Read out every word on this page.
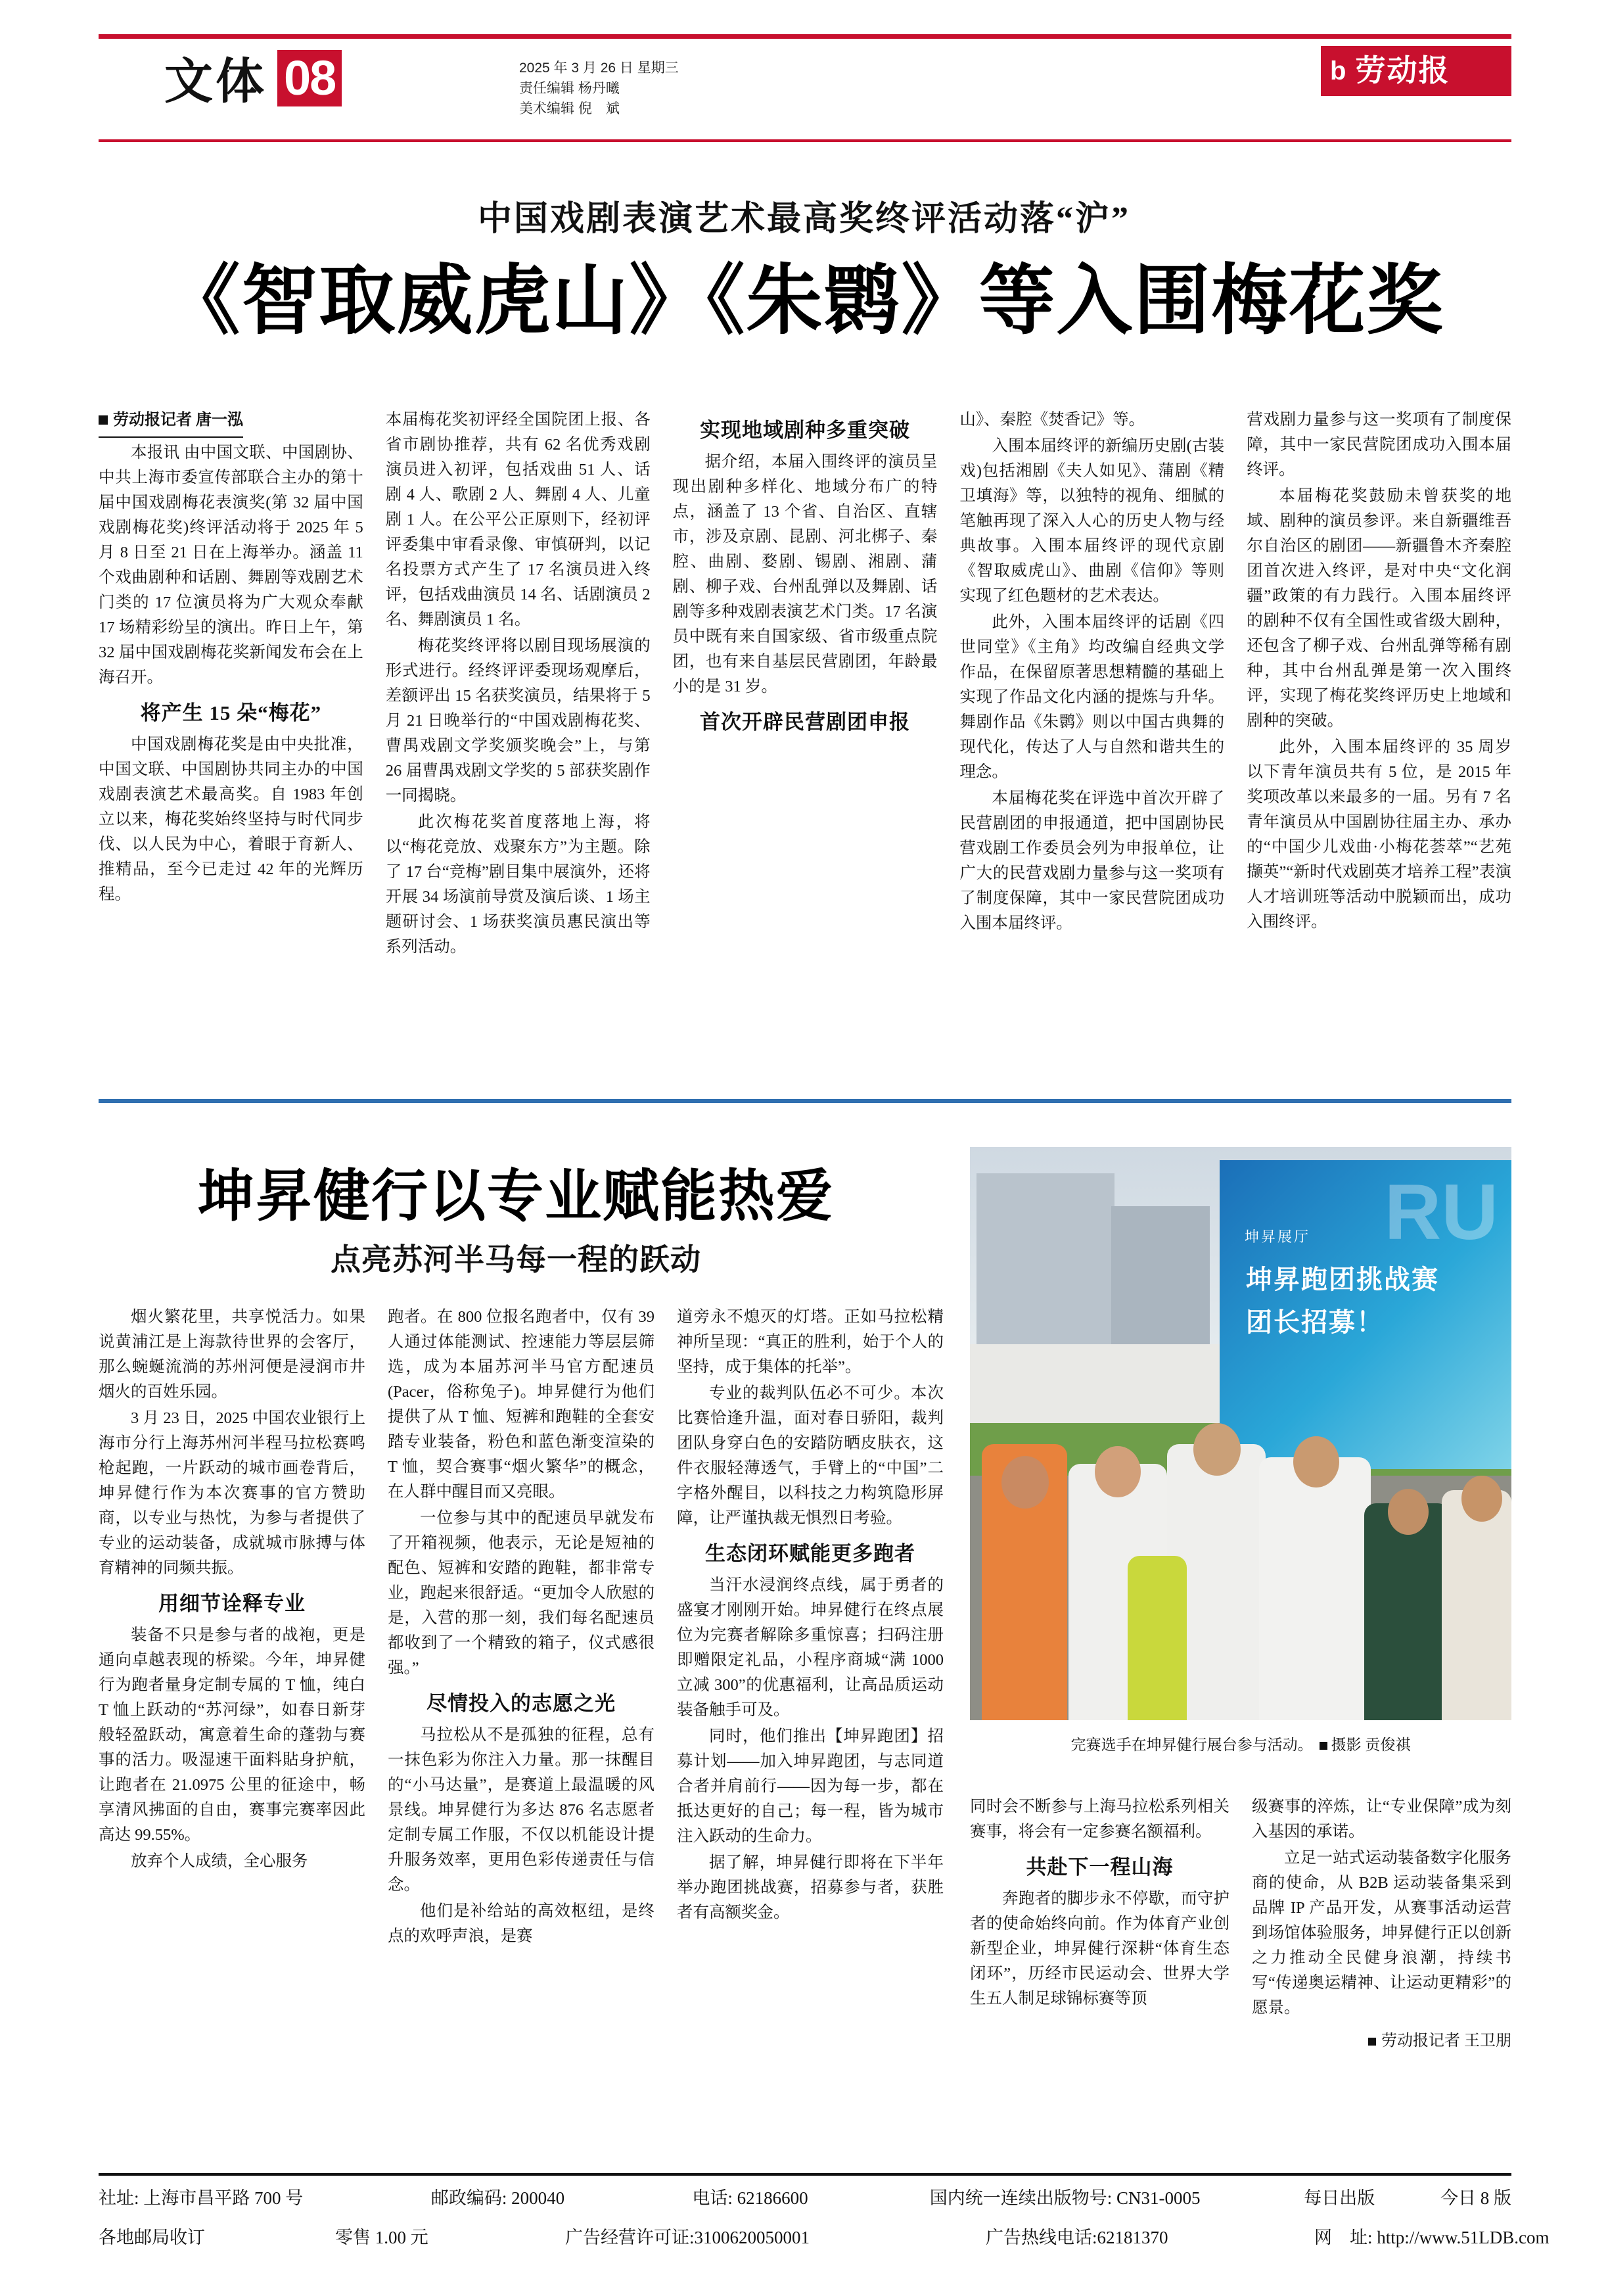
文体 08	2025 年 3 月 26 日 星期三
责任编辑 杨丹曦
美术编辑 倪　斌
b 劳动报
中国戏剧表演艺术最高奖终评活动落“沪”
《智取威虎山》《朱鹮》等入围梅花奖
劳动报记者 唐一泓

本报讯 由中国文联、中国剧协、中共上海市委宣传部联合主办的第十届中国戏剧梅花表演奖(第 32 届中国戏剧梅花奖)终评活动将于 2025 年 5 月 8 日至 21 日在上海举办。涵盖 11 个戏曲剧种和话剧、舞剧等戏剧艺术门类的 17 位演员将为广大观众奉献 17 场精彩纷呈的演出。昨日上午，第 32 届中国戏剧梅花奖新闻发布会在上海召开。

将产生 15 朵“梅花”

中国戏剧梅花奖是由中央批准，中国文联、中国剧协共同主办的中国戏剧表演艺术最高奖。自 1983 年创立以来，梅花奖始终坚持与时代同步伐、以人民为中心，着眼于育新人、推精品，至今已走过 42 年的光辉历程。

本届梅花奖初评经全国院团上报、各省市剧协推荐，共有 62 名优秀戏剧演员进入初评，包括戏曲 51 人、话剧 4 人、歌剧 2 人、舞剧 4 人、儿童剧 1 人。在公平公正原则下，经初评评委集中审看录像、审慎研判，以记名投票方式产生了 17 名演员进入终评，包括戏曲演员 14 名、话剧演员 2 名、舞剧演员 1 名。

梅花奖终评将以剧目现场展演的形式进行。经终评评委现场观摩后，差额评出 15 名获奖演员，结果将于 5 月 21 日晚举行的“中国戏剧梅花奖、曹禺戏剧文学奖颁奖晚会”上，与第 26 届曹禺戏剧文学奖的 5 部获奖剧作一同揭晓。

此次梅花奖首度落地上海，将以“梅花竞放、戏聚东方”为主题。除了 17 台“竞梅”剧目集中展演外，还将开展 34 场演前导赏及演后谈、1 场主题研讨会、1 场获奖演员惠民演出等系列活动。

实现地域剧种多重突破

据介绍，本届入围终评的演员呈现出剧种多样化、地域分布广的特点，涵盖了 13 个省、自治区、直辖市，涉及京剧、昆剧、河北梆子、秦腔、曲剧、婺剧、锡剧、湘剧、蒲剧、柳子戏、台州乱弹以及舞剧、话剧等多种戏剧表演艺术门类。17 名演员中既有来自国家级、省市级重点院团，也有来自基层民营剧团，年龄最小的是 31 岁。

首次开辟民营剧团申报

山》、秦腔《焚香记》等。

入围本届终评的新编历史剧(古装戏)包括湘剧《夫人如见》、蒲剧《精卫填海》等，以独特的视角、细腻的笔触再现了深入人心的历史人物与经典故事。入围本届终评的现代京剧《智取威虎山》、曲剧《信仰》等则实现了红色题材的艺术表达。

此外，入围本届终评的话剧《四世同堂》《主角》均改编自经典文学作品，在保留原著思想精髓的基础上实现了作品文化内涵的提炼与升华。舞剧作品《朱鹮》则以中国古典舞的现代化，传达了人与自然和谐共生的理念。

本届梅花奖在评选中首次开辟了民营剧团的申报通道，把中国剧协民营戏剧工作委员会列为申报单位，让广大的民营戏剧力量参与这一奖项有了制度保障，其中一家民营院团成功入围本届终评。

营戏剧力量参与这一奖项有了制度保障，其中一家民营院团成功入围本届终评。

本届梅花奖鼓励未曾获奖的地域、剧种的演员参评。来自新疆维吾尔自治区的剧团——新疆鲁木齐秦腔团首次进入终评，是对中央“文化润疆”政策的有力践行。入围本届终评的剧种不仅有全国性或省级大剧种，还包含了柳子戏、台州乱弹等稀有剧种，其中台州乱弹是第一次入围终评，实现了梅花奖终评历史上地域和剧种的突破。

此外，入围本届终评的 35 周岁以下青年演员共有 5 位，是 2015 年奖项改革以来最多的一届。另有 7 名青年演员从中国剧协往届主办、承办的“中国少儿戏曲·小梅花荟萃”“艺苑撷英”“新时代戏剧英才培养工程”表演人才培训班等活动中脱颖而出，成功入围终评。

坤昇健行以专业赋能热爱
点亮苏河半马每一程的跃动
RU
坤昇展厅
坤昇跑团挑战赛
团长招募！
完赛选手在坤昇健行展台参与活动。 摄影 贡俊祺

烟火繁花里，共享悦活力。如果说黄浦江是上海款待世界的会客厅，那么蜿蜒流淌的苏州河便是浸润市井烟火的百姓乐园。

3 月 23 日，2025 中国农业银行上海市分行上海苏州河半程马拉松赛鸣枪起跑，一片跃动的城市画卷背后，坤昇健行作为本次赛事的官方赞助商，以专业与热忱，为参与者提供了专业的运动装备，成就城市脉搏与体育精神的同频共振。

用细节诠释专业

装备不只是参与者的战袍，更是通向卓越表现的桥梁。今年，坤昇健行为跑者量身定制专属的 T 恤，纯白 T 恤上跃动的“苏河绿”，如春日新芽般轻盈跃动，寓意着生命的蓬勃与赛事的活力。吸湿速干面料貼身护航，让跑者在 21.0975 公里的征途中，畅享清风拂面的自由，赛事完赛率因此高达 99.55%。

放弃个人成绩，全心服务

跑者。在 800 位报名跑者中，仅有 39 人通过体能测试、控速能力等层层筛选，成为本届苏河半马官方配速员(Pacer，俗称兔子)。坤昇健行为他们提供了从 T 恤、短裤和跑鞋的全套安踏专业装备，粉色和蓝色渐变渲染的 T 恤，契合赛事“烟火繁华”的概念，在人群中醒目而又亮眼。

一位参与其中的配速员早就发布了开箱视频，他表示，无论是短袖的配色、短裤和安踏的跑鞋，都非常专业，跑起来很舒适。“更加令人欣慰的是，入营的那一刻，我们每名配速员都收到了一个精致的箱子，仪式感很强。”

尽情投入的志愿之光

马拉松从不是孤独的征程，总有一抹色彩为你注入力量。那一抹醒目的“小马达量”，是赛道上最温暖的风景线。坤昇健行为多达 876 名志愿者定制专属工作服，不仅以机能设计提升服务效率，更用色彩传递责任与信念。

他们是补给站的高效枢纽，是终点的欢呼声浪，是赛

道旁永不熄灭的灯塔。正如马拉松精神所呈现：“真正的胜利，始于个人的坚持，成于集体的托举”。

专业的裁判队伍必不可少。本次比赛恰逢升温，面对春日骄阳，裁判团队身穿白色的安踏防晒皮肤衣，这件衣服轻薄透气，手臂上的“中国”二字格外醒目，以科技之力构筑隐形屏障，让严谨执裁无惧烈日考验。

生态闭环赋能更多跑者

当汗水浸润终点线，属于勇者的盛宴才刚刚开始。坤昇健行在终点展位为完赛者解除多重惊喜；扫码注册即赠限定礼品，小程序商城“满 1000 立减 300”的优惠福利，让高品质运动装备触手可及。

同时，他们推出【坤昇跑团】招募计划——加入坤昇跑团，与志同道合者并肩前行——因为每一步，都在抵达更好的自己；每一程，皆为城市注入跃动的生命力。

据了解，坤昇健行即将在下半年举办跑团挑战赛，招募参与者，获胜者有高额奖金。

同时会不断参与上海马拉松系列相关赛事，将会有一定参赛名额福利。

共赴下一程山海

奔跑者的脚步永不停歇，而守护者的使命始终向前。作为体育产业创新型企业，坤昇健行深耕“体育生态闭环”，历经市民运动会、世界大学生五人制足球锦标赛等顶

级赛事的淬炼，让“专业保障”成为刻入基因的承诺。

立足一站式运动装备数字化服务商的使命，从 B2B 运动装备集采到品牌 IP 产品开发，从赛事活动运营到场馆体验服务，坤昇健行正以创新之力推动全民健身浪潮，持续书写“传递奥运精神、让运动更精彩”的愿景。

劳动报记者 王卫朋
社址: 上海市昌平路 700 号	邮政编码: 200040	电话: 62186600	国内统一连续出版物号: CN31-0005	每日出版	今日 8 版
各地邮局收订	零售 1.00 元	广告经营许可证:3100620050001	广告热线电话:62181370	网　址: http://www.51LDB.com
